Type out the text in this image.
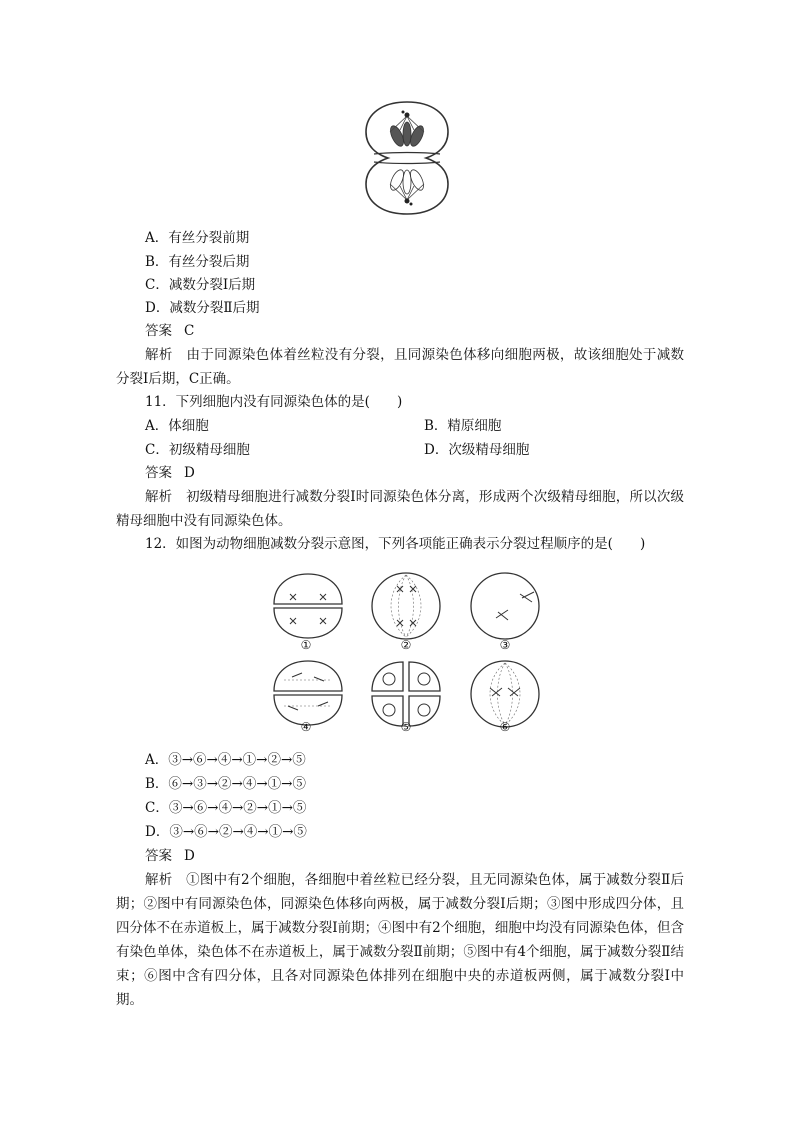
A．有丝分裂前期
B．有丝分裂后期
C．减数分裂Ⅰ后期
D．减数分裂Ⅱ后期
答案 C
解析　 由于同源染色体着丝粒没有分裂，且同源染色体移向细胞两极，故该细胞处于减数分裂Ⅰ后期，C正确。
11．下列细胞内没有同源染色体的是(　　)
A．体细胞	B．精原细胞
C．初级精母细胞	D．次级精母细胞
答案 D
解析　 初级精母细胞进行减数分裂Ⅰ时同源染色体分离，形成两个次级精母细胞，所以次级精母细胞中没有同源染色体。
12．如图为动物细胞减数分裂示意图，下列各项能正确表示分裂过程顺序的是(　　)
①	②	③
④	⑤	⑥
A．③→⑥→④→①→②→⑤
B．⑥→③→②→④→①→⑤
C．③→⑥→④→②→①→⑤
D．③→⑥→②→④→①→⑤
答案 D
解析　 ①图中有2个细胞，各细胞中着丝粒已经分裂，且无同源染色体，属于减数分裂Ⅱ后期；②图中有同源染色体，同源染色体移向两极，属于减数分裂Ⅰ后期；③图中形成四分体，且四分体不在赤道板上，属于减数分裂Ⅰ前期；④图中有2个细胞，细胞中均没有同源染色体，但含有染色单体，染色体不在赤道板上，属于减数分裂Ⅱ前期；⑤图中有4个细胞，属于减数分裂Ⅱ结束；⑥图中含有四分体，且各对同源染色体排列在细胞中央的赤道板两侧，属于减数分裂Ⅰ中期。
